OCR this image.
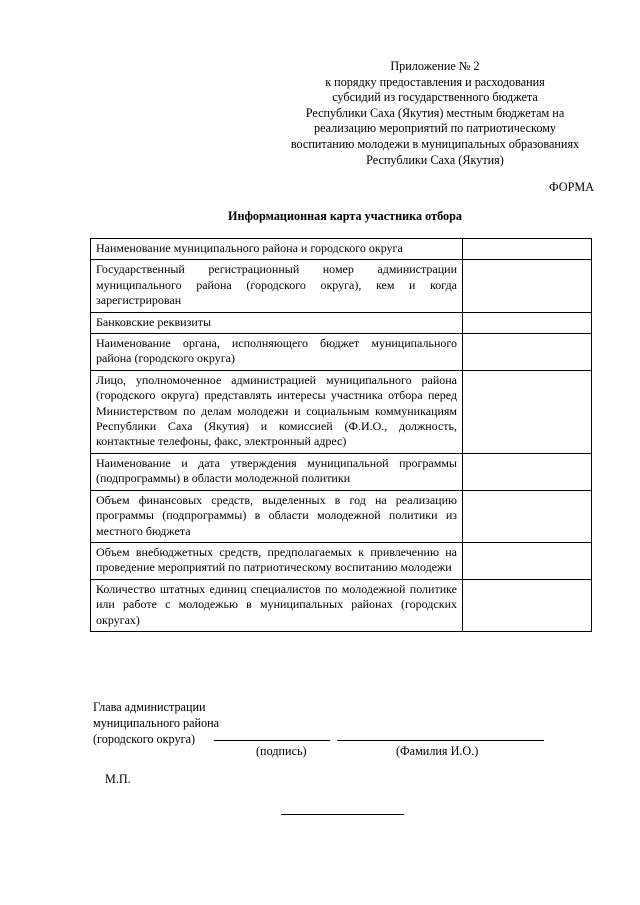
Приложение № 2
к порядку предоставления и расходования
субсидий из государственного бюджета
Республики Саха (Якутия) местным бюджетам на
реализацию мероприятий по патриотическому
воспитанию молодежи в муниципальных образованиях
Республики Саха (Якутия)
ФОРМА
Информационная карта участника отбора
Наименование муниципального района и городского округа	
Государственный регистрационный номер администрации муниципального района (городского округа), кем и когда зарегистрирован	
Банковские реквизиты	
Наименование органа, исполняющего бюджет муниципального района (городского округа)	
Лицо, уполномоченное администрацией муниципального района (городского округа) представлять интересы участника отбора перед Министерством по делам молодежи и социальным коммуникациям Республики Саха (Якутия) и комиссией (Ф.И.О., должность, контактные телефоны, факс, электронный адрес)	
Наименование и дата утверждения муниципальной программы (подпрограммы) в области молодежной политики	
Объем финансовых средств, выделенных в год на реализацию программы (подпрограммы) в области молодежной политики из местного бюджета	
Объем внебюджетных средств, предполагаемых к привлечению на проведение мероприятий по патриотическому воспитанию молодежи	
Количество штатных единиц специалистов по молодежной политике или работе с молодежью в муниципальных районах (городских округах)	
Глава администрации
муниципального района
(городского округа)
(подпись)	(Фамилия И.О.)
М.П.
